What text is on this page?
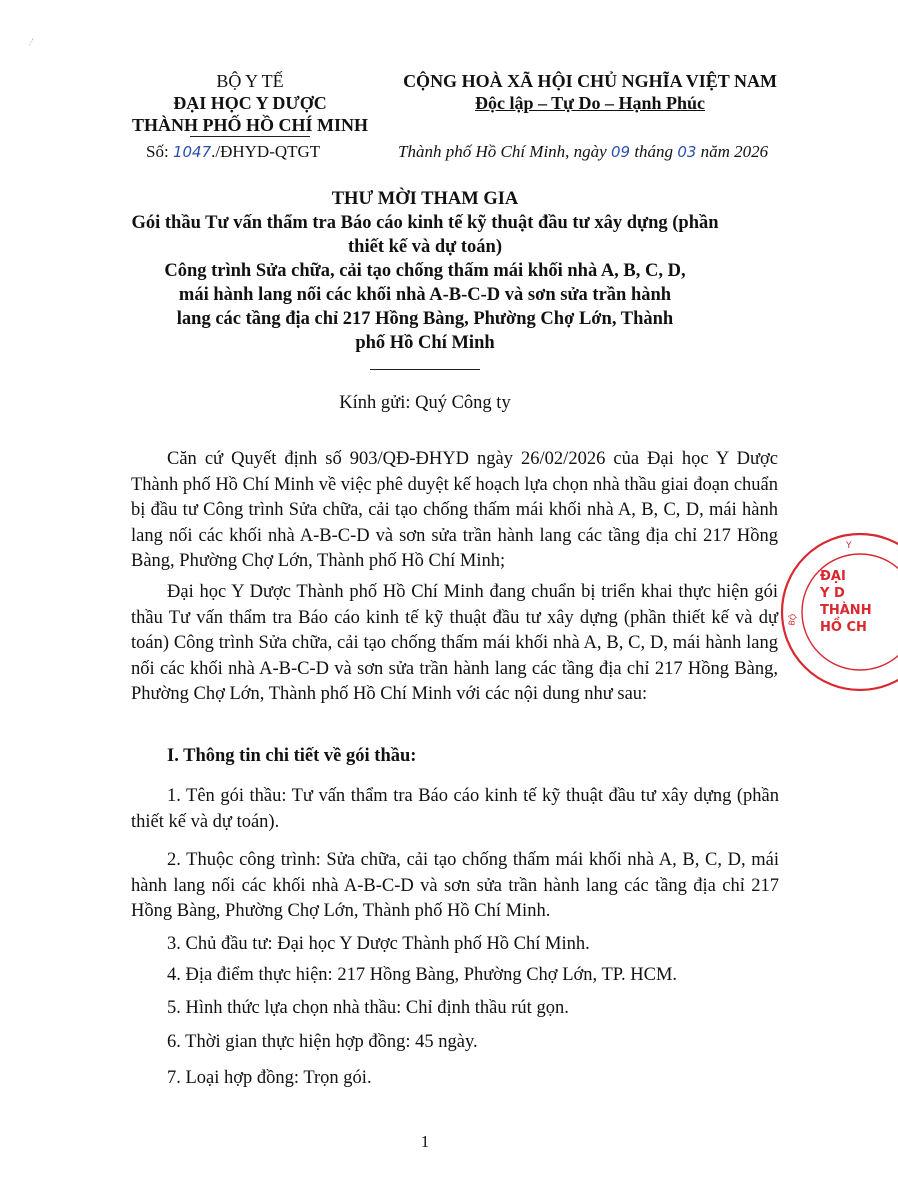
BỘ Y TẾ
ĐẠI HỌC Y DƯỢC
THÀNH PHỐ HỒ CHÍ MINH
Số: 1047./ĐHYD-QTGT
CỘNG HOÀ XÃ HỘI CHỦ NGHĨA VIỆT NAM
Độc lập – Tự Do – Hạnh Phúc
Thành phố Hồ Chí Minh, ngày 09 tháng 03 năm 2026
THƯ MỜI THAM GIA
Gói thầu Tư vấn thẩm tra Báo cáo kinh tế kỹ thuật đầu tư xây dựng (phần
thiết kế và dự toán)
Công trình Sửa chữa, cải tạo chống thấm mái khối nhà A, B, C, D,
mái hành lang nối các khối nhà A-B-C-D và sơn sửa trần hành
lang các tầng địa chỉ 217 Hồng Bàng, Phường Chợ Lớn, Thành
phố Hồ Chí Minh
Kính gửi: Quý Công ty
Căn cứ Quyết định số 903/QĐ-ĐHYD ngày 26/02/2026 của Đại học Y Dược Thành phố Hồ Chí Minh về việc phê duyệt kế hoạch lựa chọn nhà thầu giai đoạn chuẩn bị đầu tư Công trình Sửa chữa, cải tạo chống thấm mái khối nhà A, B, C, D, mái hành lang nối các khối nhà A-B-C-D và sơn sửa trần hành lang các tầng địa chỉ 217 Hồng Bàng, Phường Chợ Lớn, Thành phố Hồ Chí Minh;
Đại học Y Dược Thành phố Hồ Chí Minh đang chuẩn bị triển khai thực hiện gói thầu Tư vấn thẩm tra Báo cáo kinh tế kỹ thuật đầu tư xây dựng (phần thiết kế và dự toán) Công trình Sửa chữa, cải tạo chống thấm mái khối nhà A, B, C, D, mái hành lang nối các khối nhà A-B-C-D và sơn sửa trần hành lang các tầng địa chỉ 217 Hồng Bàng, Phường Chợ Lớn, Thành phố Hồ Chí Minh với các nội dung như sau:
I. Thông tin chi tiết về gói thầu:
1. Tên gói thầu: Tư vấn thẩm tra Báo cáo kinh tế kỹ thuật đầu tư xây dựng (phần thiết kế và dự toán).
2. Thuộc công trình: Sửa chữa, cải tạo chống thấm mái khối nhà A, B, C, D, mái hành lang nối các khối nhà A-B-C-D và sơn sửa trần hành lang các tầng địa chỉ 217 Hồng Bàng, Phường Chợ Lớn, Thành phố Hồ Chí Minh.
3. Chủ đầu tư: Đại học Y Dược Thành phố Hồ Chí Minh.
4. Địa điểm thực hiện: 217 Hồng Bàng, Phường Chợ Lớn, TP. HCM.
5. Hình thức lựa chọn nhà thầu: Chỉ định thầu rút gọn.
6. Thời gian thực hiện hợp đồng: 45 ngày.
7. Loại hợp đồng: Trọn gói.
BỘ
Y
ĐẠI
Y D
THÀNH
HỒ CH
1
